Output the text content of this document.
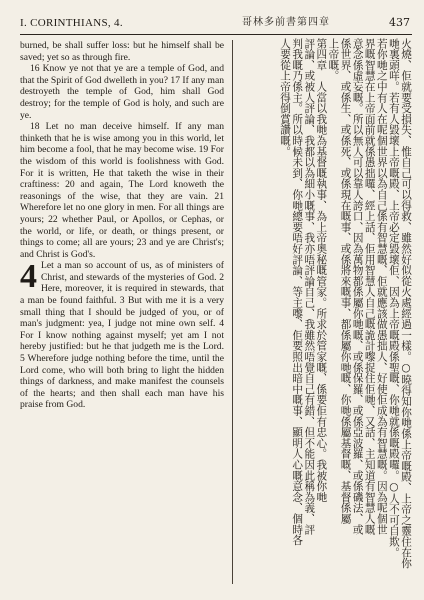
I. CORINTHIANS, 4.	哥林多前書第四章	437

burned, be shall suffer loss: but he himself shall be saved; yet so as through fire.

16 Know ye not that ye are a temple of God, and that the Spirit of God dwelleth in you? 17 If any man destroyeth the temple of God, him shall God destroy; for the temple of God is holy, and such are ye.

18 Let no man deceive himself. If any man thinketh that he is wise among you in this world, let him become a fool, that he may become wise. 19 For the wisdom of this world is foolishness with God. For it is written, He that taketh the wise in their craftiness: 20 and again, The Lord knoweth the reasonings of the wise, that they are vain. 21 Wherefore let no one glory in men. For all things are yours; 22 whether Paul, or Apollos, or Cephas, or the world, or life, or death, or things present, or things to come; all are yours; 23 and ye are Christ's; and Christ is God's.

4 Let a man so account of us, as of ministers of Christ, and stewards of the mysteries of God. 2 Here, moreover, it is required in stewards, that a man be found faithful. 3 But with me it is a very small thing that I should be judged of you, or of man's judgment: yea, I judge not mine own self. 4 For I know nothing against myself; yet am I not hereby justified: but he that judgeth me is the Lord. 5 Wherefore judge nothing before the time, until the Lord come, who will both bring to light the hidden things of darkness, and make manifest the counsels of the hearts; and then shall each man have his praise from God.	火燒、佢就要受損失、惟自己可以得救、雖然好似從火處經過一樣。○曉得知你哋係上帝嘅殿、上帝之靈住在你
哋裏頭咩。若有人毀壞上帝嘅殿、上帝必定毀壞佢、因為上帝嘅殿係聖嘅、你哋就係嘅殿囉。○人不可自欺。
若你哋之中有人在呢個世界以為自己係有智慧嘅、佢就應該做愚拙人、好使佢成為有智慧嘅。因為呢個世
界嘅智慧在上帝面前就係愚拙囉、經上話、佢用智慧人自己嘅詭計嚟捉住佢哋、又話、主知道有智慧人嘅
意念係虛妄嘅。所以無人可以靠人誇口、因為萬物都係屬你哋嘅、或係保羅、或係亞波羅、或係磯法、或
係世界、或係生、或係死、或係現在嘅事、或係將來嘅事、都係屬你哋嘅、你哋係屬基督嘅、基督係屬
上帝嘅。
第四章　人當以我哋為基督嘅執事、為上帝奧秘嘅管家。所求於管家嘅、係要佢有忠心。我被你哋
評論、或被人評論、我都以為細小嘅事、我亦唔評論自己、我雖然唔覺自己有錯、但不能因此稱為義、評
判我嘅乃係主。所以時候未到、你哋總要唔好評論、等主嚟、佢要照出暗中嘅事、顯明人心嘅意念、個時各
人要從上帝得倒賞讚嘅。
